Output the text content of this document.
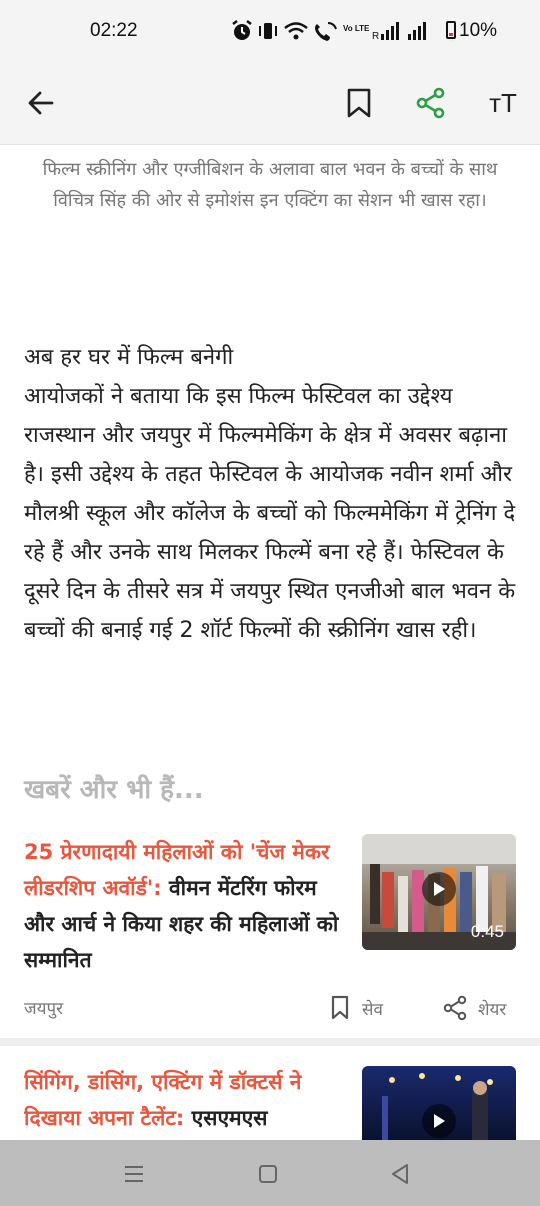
02:22	Vo LTE
R	10%
тT
फिल्म स्क्रीनिंग और एग्जीबिशन के अलावा बाल भवन के बच्चों के साथ विचित्र सिंह की ओर से इमोशंस इन एक्टिंग का सेशन भी खास रहा।

अब हर घर में फिल्म बनेगी

आयोजकों ने बताया कि इस फिल्म फेस्टिवल का उद्देश्य राजस्थान और जयपुर में फिल्ममेकिंग के क्षेत्र में अवसर बढ़ाना है। इसी उद्देश्य के तहत फेस्टिवल के आयोजक नवीन शर्मा और मौलश्री स्कूल और कॉलेज के बच्चों को फिल्ममेकिंग में ट्रेनिंग दे रहे हैं और उनके साथ मिलकर फिल्में बना रहे हैं। फेस्टिवल के दूसरे दिन के तीसरे सत्र में जयपुर स्थित एनजीओ बाल भवन के बच्चों की बनाई गई 2 शॉर्ट फिल्मों की स्क्रीनिंग खास रही।

खबरें और भी हैं...
25 प्रेरणादायी महिलाओं को 'चेंज मेकर लीडरशिप अवॉर्ड': वीमन मेंटरिंग फोरम और आर्च ने किया शहर की महिलाओं को सम्मानित
0:45
जयपुर	सेव	शेयर
सिंगिंग, डांसिंग, एक्टिंग में डॉक्टर्स ने दिखाया अपना टैलेंट: एसएमएस
